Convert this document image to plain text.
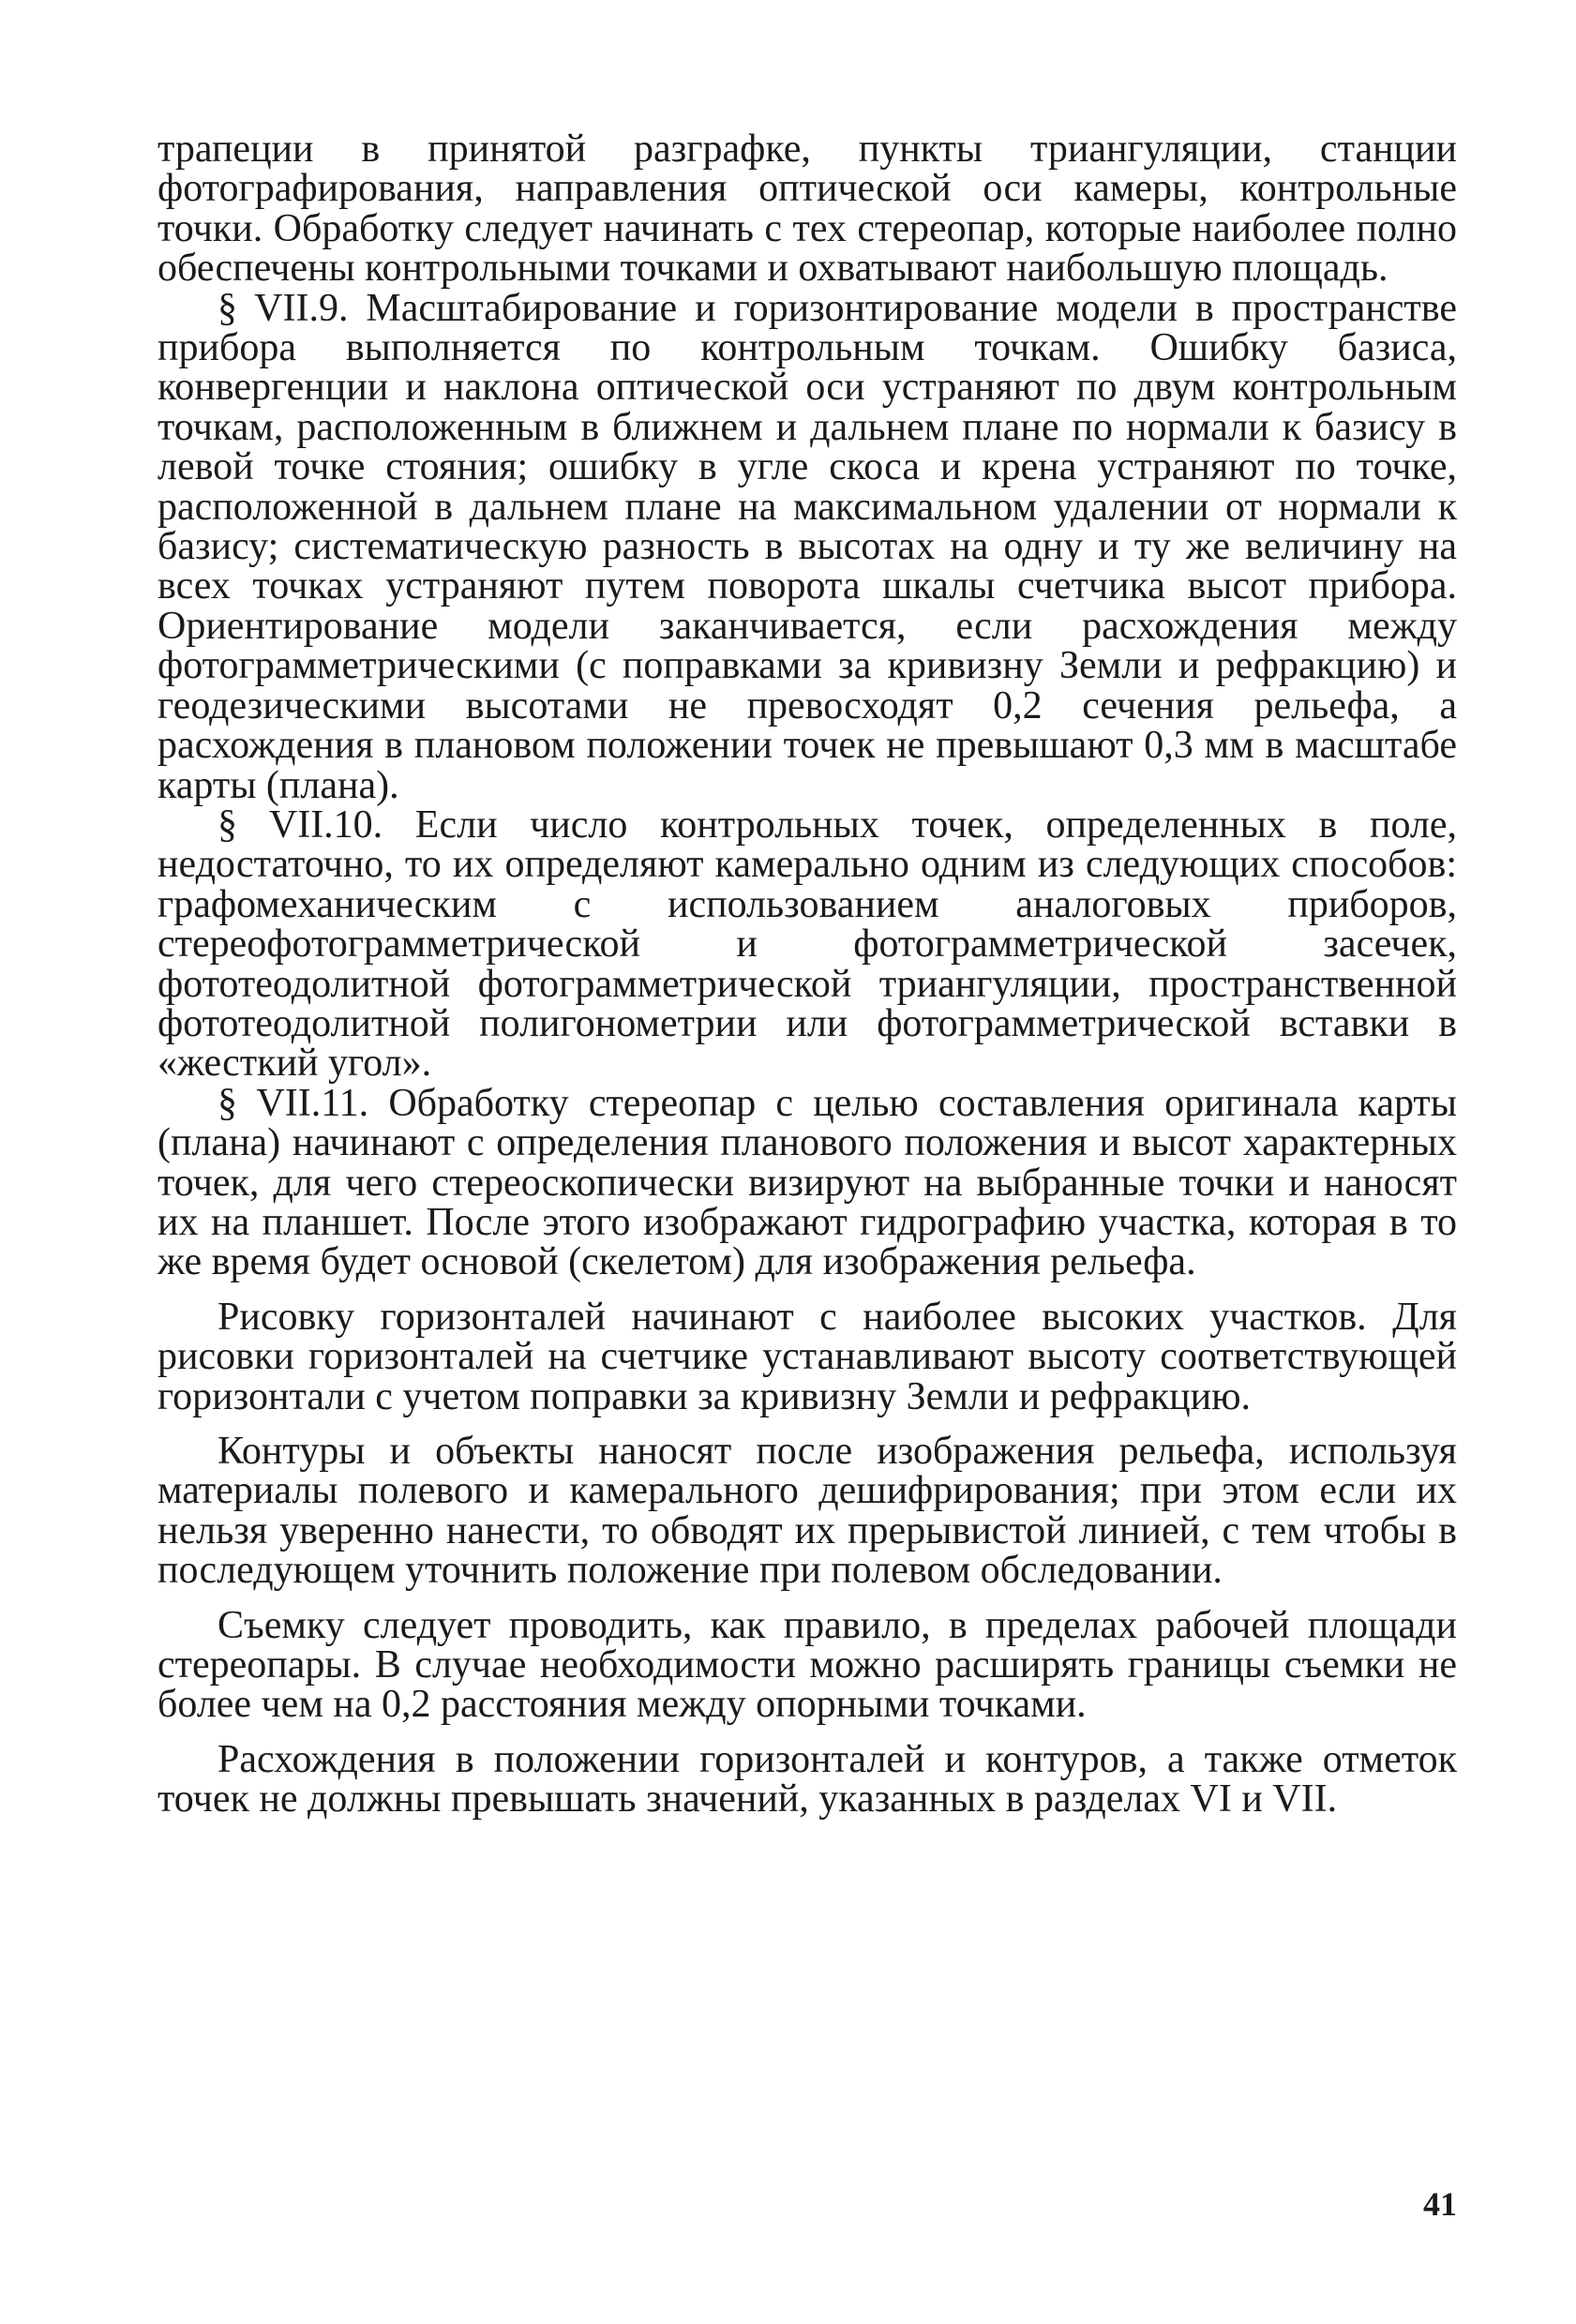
трапеции в принятой разграфке, пункты триангуляции, станции фотографирования, направления оптической оси камеры, контрольные точки. Обработку следует начинать с тех стереопар, которые наиболее полно обеспечены контрольными точками и охватывают наибольшую площадь.

§ VII.9. Масштабирование и горизонтирование модели в пространстве прибора выполняется по контрольным точкам. Ошибку базиса, конвергенции и наклона оптической оси устраняют по двум контрольным точкам, расположенным в ближнем и дальнем плане по нормали к базису в левой точке стояния; ошибку в угле скоса и крена устраняют по точке, расположенной в дальнем плане на максимальном удалении от нормали к базису; систематическую разность в высотах на одну и ту же величину на всех точках устраняют путем поворота шкалы счетчика высот прибора. Ориентирование модели заканчивается, если расхождения между фотограмметрическими (с поправками за кривизну Земли и рефракцию) и геодезическими высотами не превосходят 0,2 сечения рельефа, а расхождения в плановом положении точек не превышают 0,3 мм в масштабе карты (плана).

§ VII.10. Если число контрольных точек, определенных в поле, недостаточно, то их определяют камерально одним из следующих способов: графомеханическим с использованием аналоговых приборов, стереофотограмметрической и фотограмметрической засечек, фототеодолитной фотограмметрической триангуляции, пространственной фототеодолитной полигонометрии или фотограмметрической вставки в «жесткий угол».

§ VII.11. Обработку стереопар с целью составления оригинала карты (плана) начинают с определения планового положения и высот характерных точек, для чего стереоскопически визируют на выбранные точки и наносят их на планшет. После этого изображают гидрографию участка, которая в то же время будет основой (скелетом) для изображения рельефа.

Рисовку горизонталей начинают с наиболее высоких участков. Для рисовки горизонталей на счетчике устанавливают высоту соответствующей горизонтали с учетом поправки за кривизну Земли и рефракцию.

Контуры и объекты наносят после изображения рельефа, используя материалы полевого и камерального дешифрирования; при этом если их нельзя уверенно нанести, то обводят их прерывистой линией, с тем чтобы в последующем уточнить положение при полевом обследовании.

Съемку следует проводить, как правило, в пределах рабочей площади стереопары. В случае необходимости можно расширять границы съемки не более чем на 0,2 расстояния между опорными точками.

Расхождения в положении горизонталей и контуров, а также отметок точек не должны превышать значений, указанных в разделах VI и VII.

41
